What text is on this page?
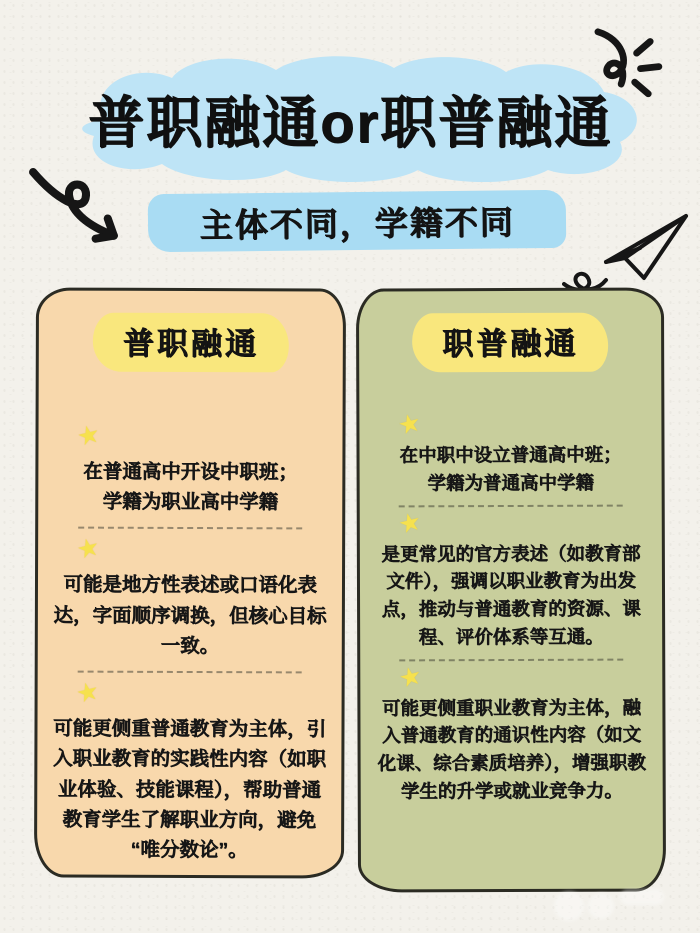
普职融通or职普融通
主体不同，学籍不同
普职融通
★

在普通高中开设中职班；
学籍为职业高中学籍

★

可能是地方性表述或口语化表达，字面顺序调换，但核心目标一致。

★

可能更侧重普通教育为主体，引入职业教育的实践性内容（如职业体验、技能课程），帮助普通教育学生了解职业方向，避免“唯分数论”。

职普融通
★

在中职中设立普通高中班；
学籍为普通高中学籍

★

是更常见的官方表述（如教育部文件），强调以职业教育为出发点，推动与普通教育的资源、课程、评价体系等互通。

★

可能更侧重职业教育为主体，融入普通教育的通识性内容（如文化课、综合素质培养），增强职教学生的升学或就业竞争力。
